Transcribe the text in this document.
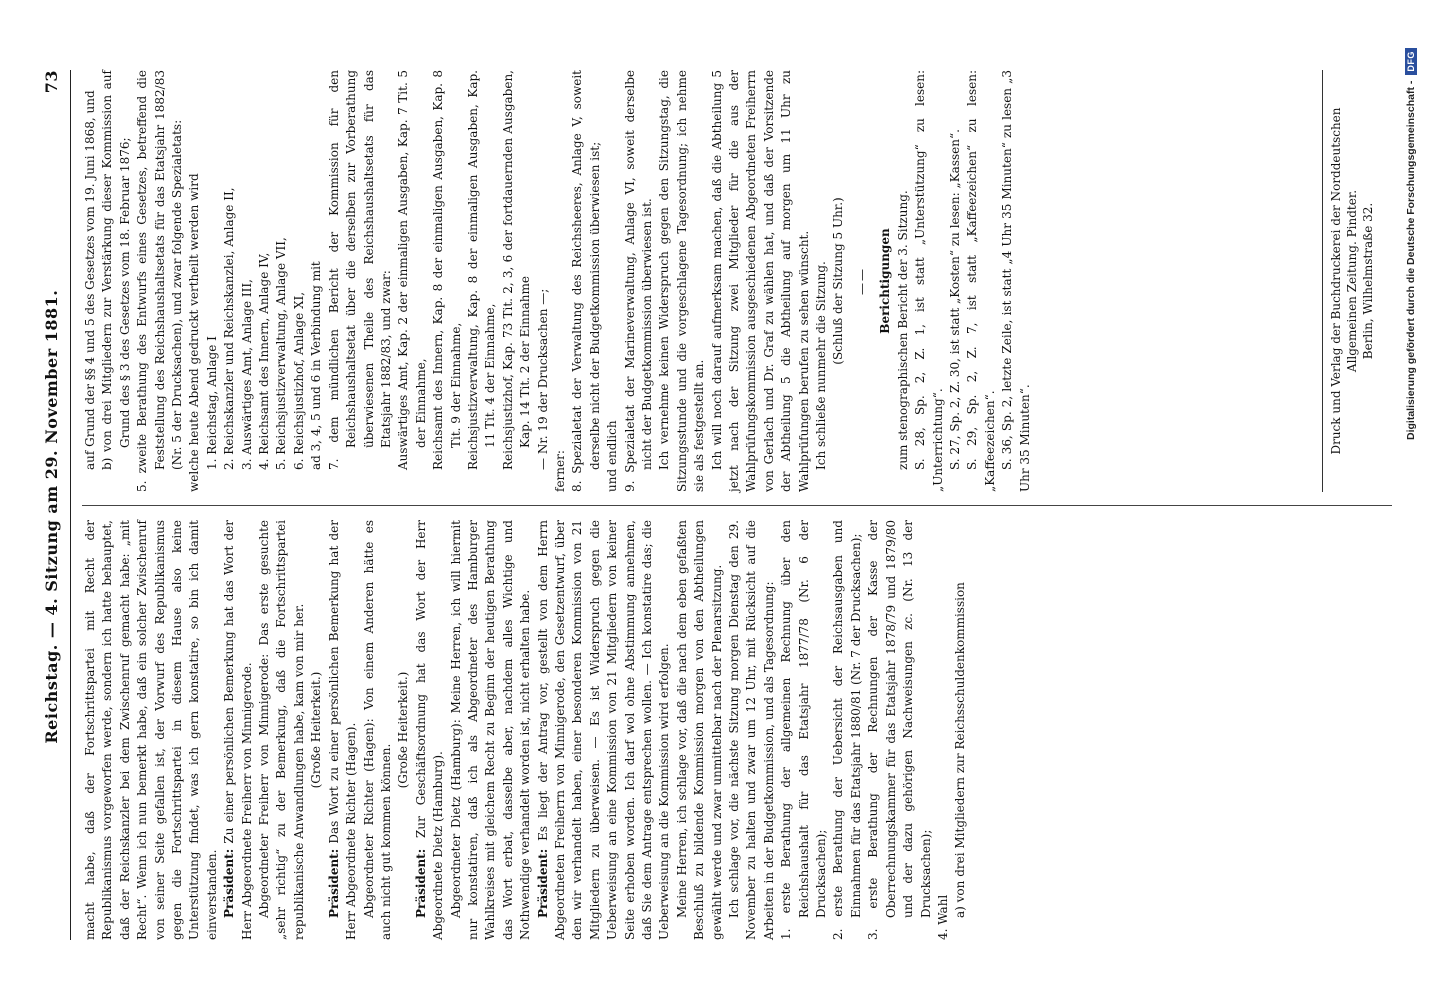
Reichstag. — 4. Sitzung am 29. November 1881.
73

macht habe, daß der Fortschrittspartei mit Recht der Republikanismus vorgeworfen werde, sondern ich hatte behauptet, daß der Reichskanzler bei dem Zwischenruf gemacht habe: „mit Recht“. Wenn ich nun bemerkt habe, daß ein solcher Zwischenruf von seiner Seite gefallen ist, der Vorwurf des Republikanismus gegen die Fortschrittspartei in diesem Hause also keine Unterstützung findet, was ich gern konstatire, so bin ich damit einverstanden. Präsident: Zu einer persönlichen Bemerkung hat das Wort der Herr Abgeordnete Freiherr von Minnigerode. Abgeordneter Freiherr von Minnigerode: Das erste gesuchte „sehr richtig“ zu der Bemerkung, daß die Fortschrittspartei republikanische Anwandlungen habe, kam von mir her. (Große Heiterkeit.)

Präsident: Das Wort zu einer persönlichen Bemerkung hat der Herr Abgeordnete Richter (Hagen). Abgeordneter Richter (Hagen): Von einem Anderen hätte es auch nicht gut kommen können.

(Große Heiterkeit.)

Präsident: Zur Geschäftsordnung hat das Wort der Herr Abgeordnete Dietz (Hamburg). Abgeordneter Dietz (Hamburg): Meine Herren, ich will hiermit nur konstatiren, daß ich als Abgeordneter des Hamburger Wahlkreises mit gleichem Recht zu Beginn der heutigen Berathung das Wort erbat, dasselbe aber, nachdem alles Wichtige und Nothwendige verhandelt worden ist, nicht erhalten habe. Präsident: Es liegt der Antrag vor, gestellt von dem Herrn Abgeordneten Freiherrn von Minnigerode, den Gesetzentwurf, über den wir verhandelt haben, einer besonderen Kommission von 21 Mitgliedern zu überweisen. — Es ist Widerspruch gegen die Ueberweisung an eine Kommission von 21 Mitgliedern von keiner Seite erhoben worden. Ich darf wol ohne Abstimmung annehmen, daß Sie dem Antrage entsprechen wollen. — Ich konstatire das; die Ueberweisung an die Kommission wird erfolgen. Meine Herren, ich schlage vor, daß die nach dem eben gefaßten Beschluß zu bildende Kommission morgen von den Abtheilungen gewählt werde und zwar unmittelbar nach der Plenarsitzung. Ich schlage vor, die nächste Sitzung morgen Dienstag den 29. November zu halten und zwar um 12 Uhr, mit Rücksicht auf die Arbeiten in der Budgetkommission, und als Tagesordnung: 1. erste Berathung der allgemeinen Rechnung über den Reichshaushalt für das Etatsjahr 1877/78 (Nr. 6 der Drucksachen); 2. erste Berathung der Uebersicht der Reichsausgaben und Einnahmen für das Etatsjahr 1880/81 (Nr. 7 der Drucksachen); 3. erste Berathung der Rechnungen der Kasse der Oberrechnungskammer für das Etatsjahr 1878/79 und 1879/80 und der dazu gehörigen Nachweisungen zc. (Nr. 13 der Drucksachen); 4. Wahl a) von drei Mitgliedern zur Reichsschuldenkommission

auf Grund der §§ 4 und 5 des Gesetzes vom 19. Juni 1868, und b) von drei Mitgliedern zur Verstärkung dieser Kommission auf Grund des § 3 des Gesetzes vom 18. Februar 1876; 5. zweite Berathung des Entwurfs eines Gesetzes, betreffend die Feststellung des Reichshaushaltsetats für das Etatsjahr 1882/83 (Nr. 5 der Drucksachen), und zwar folgende Spezialetats: welche heute Abend gedruckt vertheilt werden wird 1. Reichstag, Anlage I 2. Reichskanzler und Reichskanzlei, Anlage II, 3. Auswärtiges Amt, Anlage III, 4. Reichsamt des Innern, Anlage IV, 5. Reichsjustizverwaltung, Anlage VII, 6. Reichsjustizhof, Anlage XI, ad 3, 4, 5 und 6 in Verbindung mit 7. dem mündlichen Bericht der Kommission für den Reichshaushaltsetat über die derselben zur Vorberathung überwiesenen Theile des Reichshaushaltsetats für das Etatsjahr 1882/83, und zwar: Auswärtiges Amt, Kap. 2 der einmaligen Ausgaben, Kap. 7 Tit. 5 der Einnahme, Reichsamt des Innern, Kap. 8 der einmaligen Ausgaben, Kap. 8 Tit. 9 der Einnahme, Reichsjustizverwaltung, Kap. 8 der einmaligen Ausgaben, Kap. 11 Tit. 4 der Einnahme, Reichsjustizhof, Kap. 73 Tit. 2, 3, 6 der fortdauernden Ausgaben, Kap. 14 Tit. 2 der Einnahme — Nr. 19 der Drucksachen —;

ferner: 8. Spezialetat der Verwaltung des Reichsheeres, Anlage V, soweit derselbe nicht der Budgetkommission überwiesen ist; und endlich 9. Spezialetat der Marineverwaltung, Anlage VI, soweit derselbe nicht der Budgetkommission überwiesen ist. Ich vernehme keinen Widerspruch gegen den Sitzungstag, die Sitzungsstunde und die vorgeschlagene Tagesordnung; ich nehme sie als festgestellt an. Ich will noch darauf aufmerksam machen, daß die Abtheilung 5 jetzt nach der Sitzung zwei Mitglieder für die aus der Wahlprüfungskommission ausgeschiedenen Abgeordneten Freiherrn von Gerlach und Dr. Graf zu wählen hat, und daß der Vorsitzende der Abtheilung 5 die Abtheilung auf morgen um 11 Uhr zu Wahlprüfungen berufen zu sehen wünscht. Ich schließe nunmehr die Sitzung. (Schluß der Sitzung 5 Uhr.) —— Berichtigungen zum stenographischen Bericht der 3. Sitzung. S. 28, Sp. 2, Z. 1, ist statt „Unterstützung“ zu lesen: „Unterrichtung“. S. 27, Sp. 2, Z. 30, ist statt „Kosten“ zu lesen: „Kassen“. S. 29, Sp. 2, Z. 7, ist statt „Kaffeezeichen“ zu lesen: „Kaffeezeichen“. S. 36, Sp. 2, letzte Zeile, ist statt „4 Uhr 35 Minuten“ zu lesen „3 Uhr 35 Minuten“.	Druck und Verlag der Buchdruckerei der Norddeutschen Allgemeinen Zeitung. Pindter. Berlin, Wilhelmstraße 32.	Digitalisierung gefördert durch die Deutsche Forschungsgemeinschaft -
DFG
